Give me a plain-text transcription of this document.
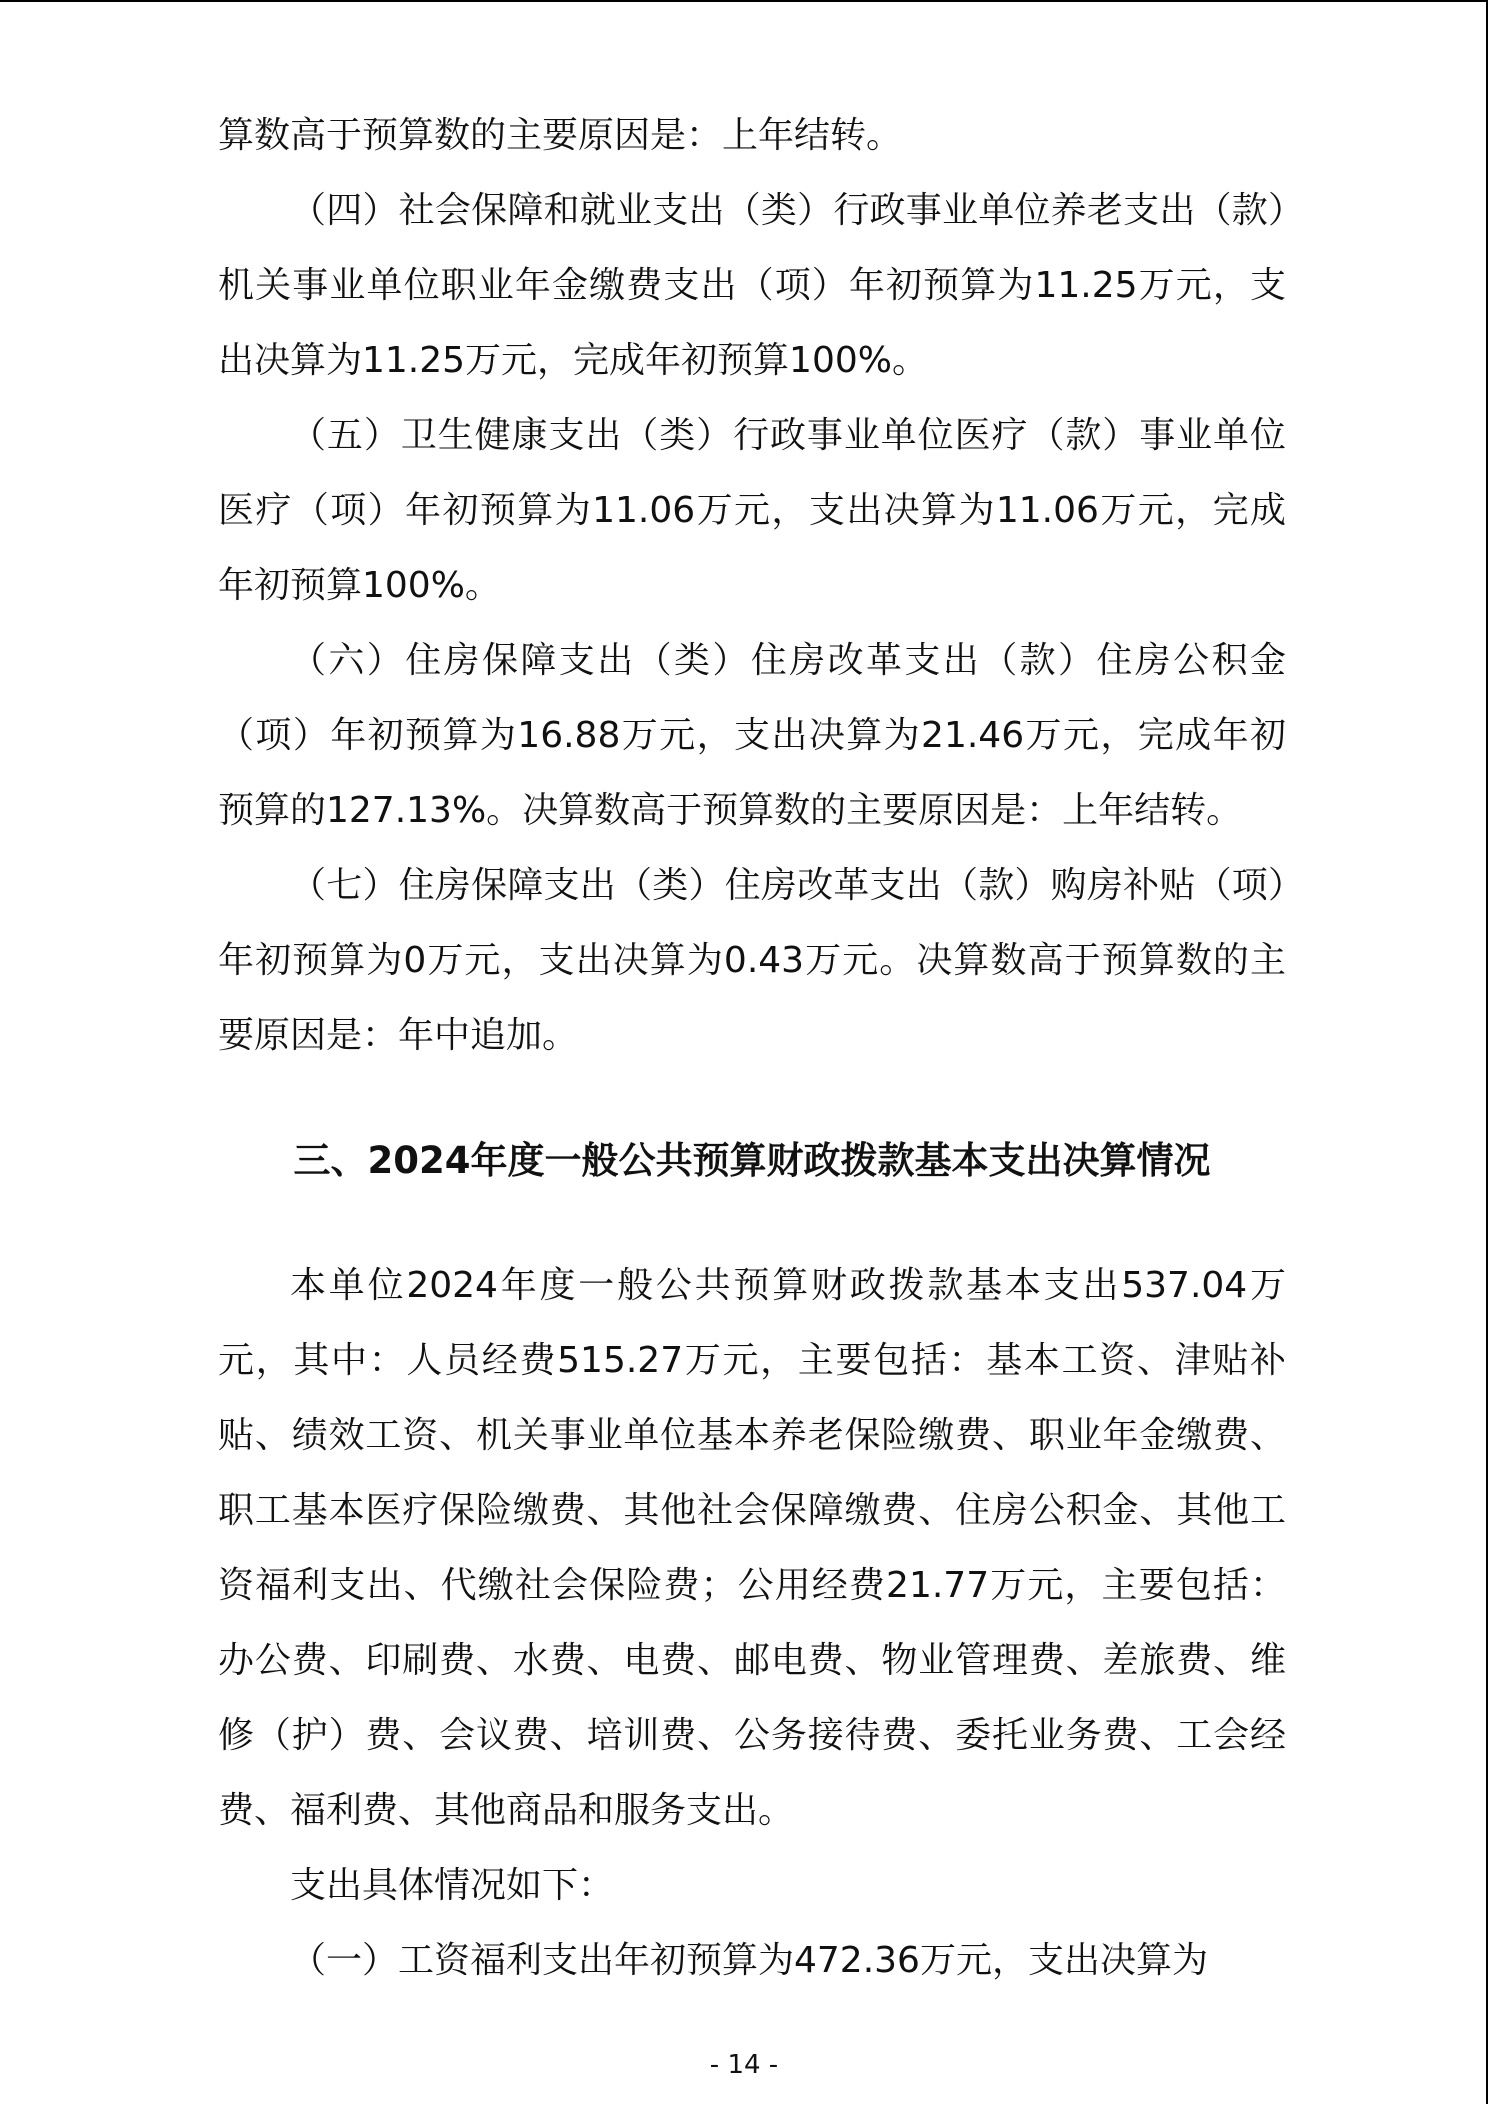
算数高于预算数的主要原因是：上年结转。

（四）社会保障和就业支出（类）行政事业单位养老支出（款）机关事业单位职业年金缴费支出（项）年初预算为11.25万元，支出决算为11.25万元，完成年初预算100%。

（五）卫生健康支出（类）行政事业单位医疗（款）事业单位医疗（项）年初预算为11.06万元，支出决算为11.06万元，完成年初预算100%。

（六）住房保障支出（类）住房改革支出（款）住房公积金（项）年初预算为16.88万元，支出决算为21.46万元，完成年初预算的127.13%。决算数高于预算数的主要原因是：上年结转。

（七）住房保障支出（类）住房改革支出（款）购房补贴（项）年初预算为0万元，支出决算为0.43万元。决算数高于预算数的主要原因是：年中追加。

三、2024年度一般公共预算财政拨款基本支出决算情况

本单位2024年度一般公共预算财政拨款基本支出537.04万元，其中：人员经费515.27万元，主要包括：基本工资、津贴补贴、绩效工资、机关事业单位基本养老保险缴费、职业年金缴费、职工基本医疗保险缴费、其他社会保障缴费、住房公积金、其他工资福利支出、代缴社会保险费；公用经费21.77万元，主要包括：办公费、印刷费、水费、电费、邮电费、物业管理费、差旅费、维修（护）费、会议费、培训费、公务接待费、委托业务费、工会经费、福利费、其他商品和服务支出。

支出具体情况如下：

（一）工资福利支出年初预算为472.36万元，支出决算为

- 14 -
